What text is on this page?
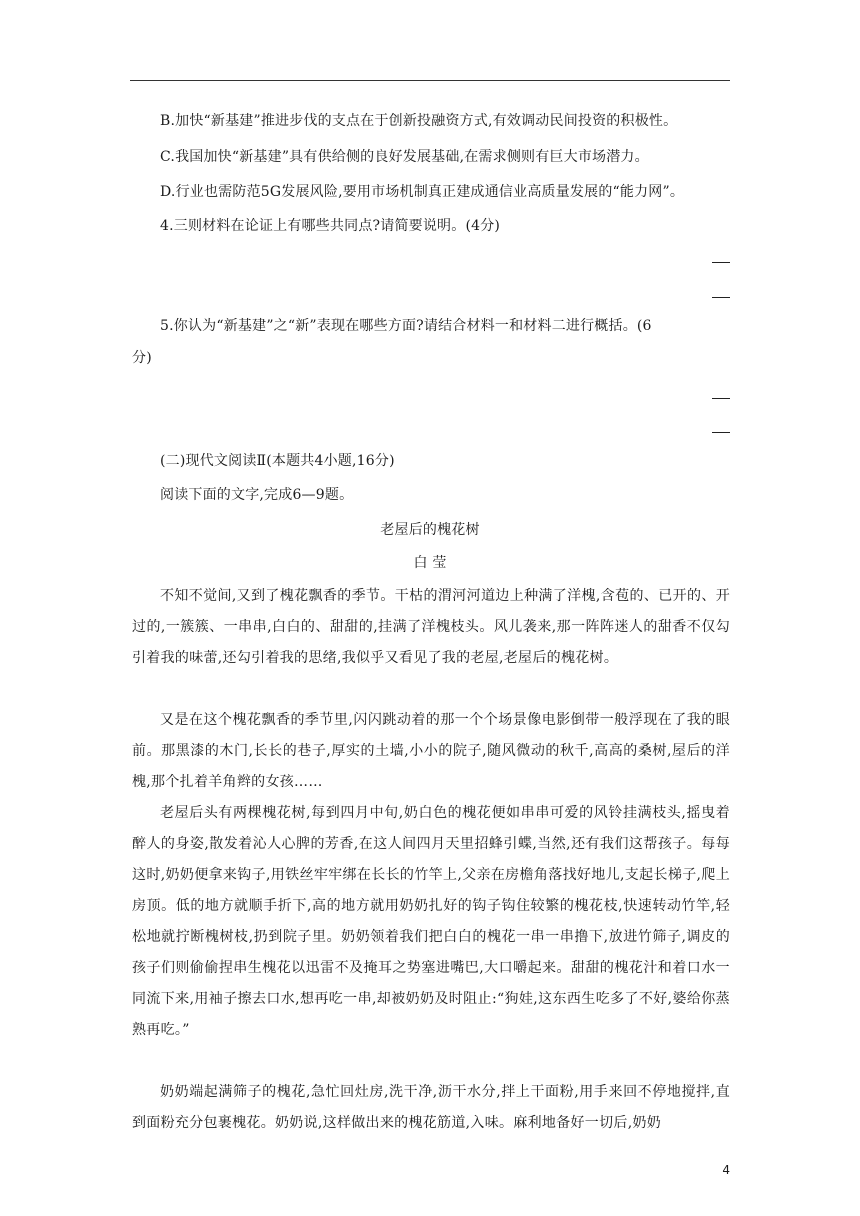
B.加快“新基建”推进步伐的支点在于创新投融资方式,有效调动民间投资的积极性。
C.我国加快“新基建”具有供给侧的良好发展基础,在需求侧则有巨大市场潜力。
D.行业也需防范5G发展风险,要用市场机制真正建成通信业高质量发展的“能力网”。
4.三则材料在论证上有哪些共同点?请简要说明。(4分)
5.你认为“新基建”之“新”表现在哪些方面?请结合材料一和材料二进行概括。(6
分)
(二)现代文阅读Ⅱ(本题共4小题,16分)
阅读下面的文字,完成6—9题。
老屋后的槐花树
白 莹
不知不觉间,又到了槐花飘香的季节。干枯的渭河河道边上种满了洋槐,含苞的、已开的、开过的,一簇簇、一串串,白白的、甜甜的,挂满了洋槐枝头。风儿袭来,那一阵阵迷人的甜香不仅勾引着我的味蕾,还勾引着我的思绪,我似乎又看见了我的老屋,老屋后的槐花树。
又是在这个槐花飘香的季节里,闪闪跳动着的那一个个场景像电影倒带一般浮现在了我的眼前。那黑漆的木门,长长的巷子,厚实的土墙,小小的院子,随风微动的秋千,高高的桑树,屋后的洋槐,那个扎着羊角辫的女孩……
老屋后头有两棵槐花树,每到四月中旬,奶白色的槐花便如串串可爱的风铃挂满枝头,摇曳着醉人的身姿,散发着沁人心脾的芳香,在这人间四月天里招蜂引蝶,当然,还有我们这帮孩子。每每这时,奶奶便拿来钩子,用铁丝牢牢绑在长长的竹竿上,父亲在房檐角落找好地儿,支起长梯子,爬上房顶。低的地方就顺手折下,高的地方就用奶奶扎好的钩子钩住较繁的槐花枝,快速转动竹竿,轻松地就拧断槐树枝,扔到院子里。奶奶领着我们把白白的槐花一串一串撸下,放进竹筛子,调皮的孩子们则偷偷捏串生槐花以迅雷不及掩耳之势塞进嘴巴,大口嚼起来。甜甜的槐花汁和着口水一同流下来,用袖子擦去口水,想再吃一串,却被奶奶及时阻止:“狗娃,这东西生吃多了不好,婆给你蒸熟再吃。”
奶奶端起满筛子的槐花,急忙回灶房,洗干净,沥干水分,拌上干面粉,用手来回不停地搅拌,直到面粉充分包裹槐花。奶奶说,这样做出来的槐花筋道,入味。麻利地备好一切后,奶奶
4
